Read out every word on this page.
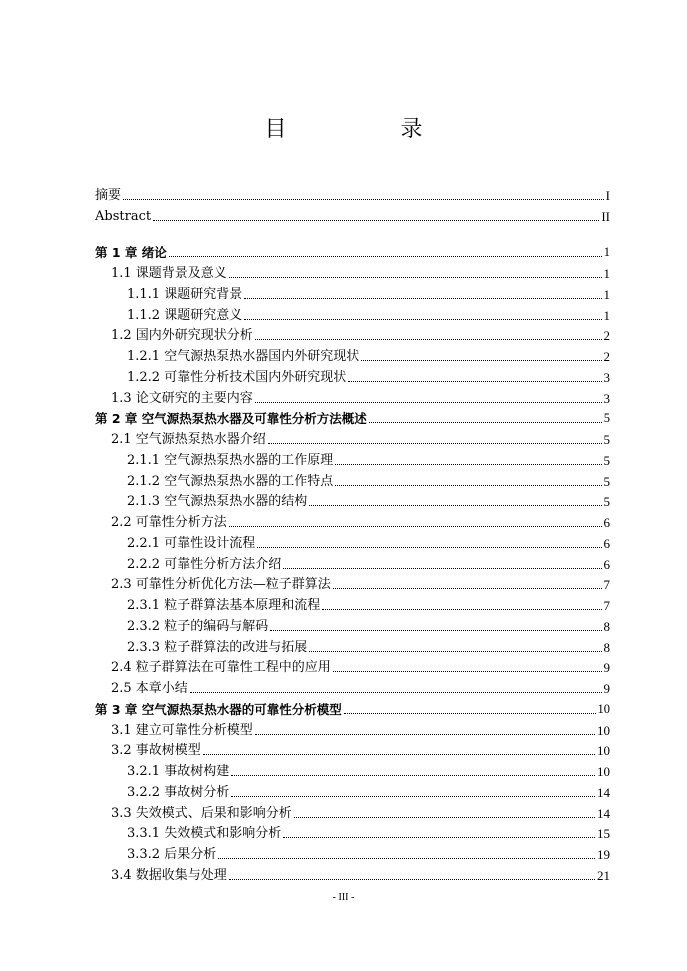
目　录
摘要	I
Abstract	II
第 1 章 绪论	1
1.1 课题背景及意义	1
1.1.1 课题研究背景	1
1.1.2 课题研究意义	1
1.2 国内外研究现状分析	2
1.2.1 空气源热泵热水器国内外研究现状	2
1.2.2 可靠性分析技术国内外研究现状	3
1.3 论文研究的主要内容	3
第 2 章 空气源热泵热水器及可靠性分析方法概述	5
2.1 空气源热泵热水器介绍	5
2.1.1 空气源热泵热水器的工作原理	5
2.1.2 空气源热泵热水器的工作特点	5
2.1.3 空气源热泵热水器的结构	5
2.2 可靠性分析方法	6
2.2.1 可靠性设计流程	6
2.2.2 可靠性分析方法介绍	6
2.3 可靠性分析优化方法—粒子群算法	7
2.3.1 粒子群算法基本原理和流程	7
2.3.2 粒子的编码与解码	8
2.3.3 粒子群算法的改进与拓展	8
2.4 粒子群算法在可靠性工程中的应用	9
2.5 本章小结	9
第 3 章 空气源热泵热水器的可靠性分析模型	10
3.1 建立可靠性分析模型	10
3.2 事故树模型	10
3.2.1 事故树构建	10
3.2.2 事故树分析	14
3.3 失效模式、后果和影响分析	14
3.3.1 失效模式和影响分析	15
3.3.2 后果分析	19
3.4 数据收集与处理	21
- III -
